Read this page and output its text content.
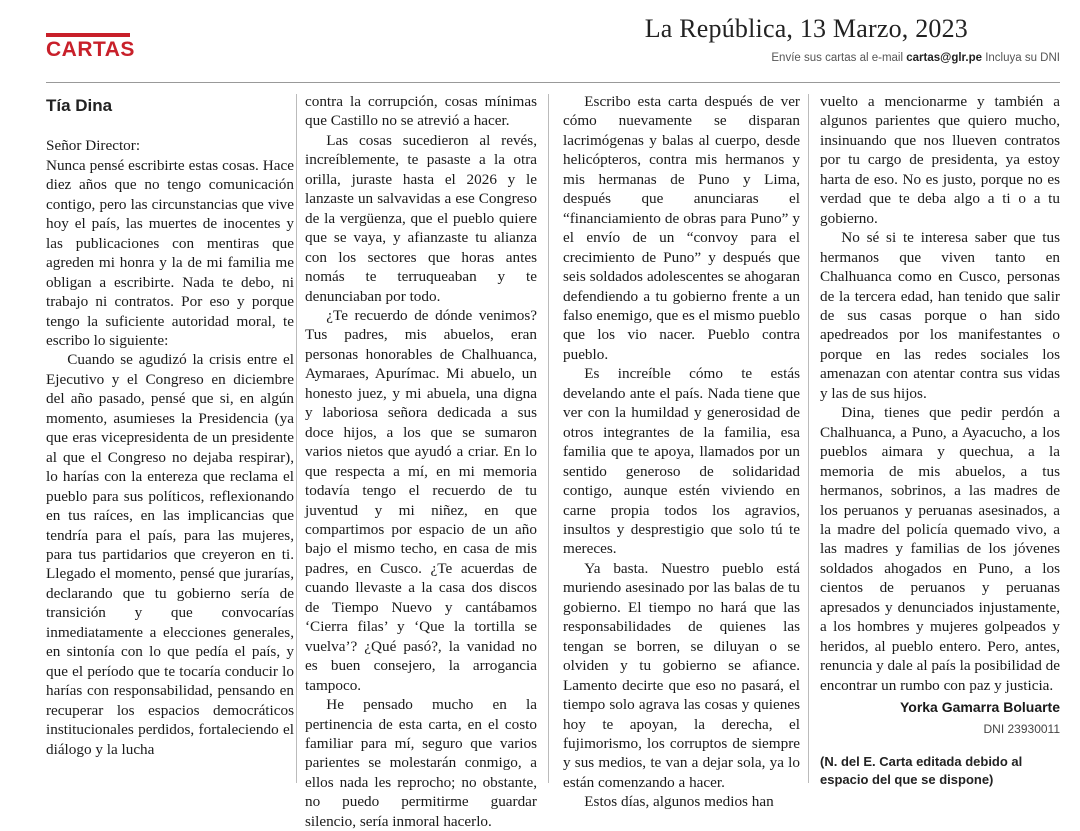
CARTAS
La República, 13 Marzo, 2023
Envíe sus cartas al e-mail cartas@glr.pe Incluya su DNI

Tía Dina

Señor Director:

Nunca pensé escribirte estas cosas. Hace diez años que no tengo comunicación contigo, pero las circunstancias que vive hoy el país, las muertes de inocentes y las publicaciones con mentiras que agreden mi honra y la de mi familia me obligan a escribirte. Nada te debo, ni trabajo ni contratos. Por eso y porque tengo la suficiente autoridad moral, te escribo lo siguiente:

Cuando se agudizó la crisis entre el Ejecutivo y el Congreso en diciembre del año pasado, pensé que si, en algún momento, asumieses la Presidencia (ya que eras vicepresidenta de un presidente al que el Congreso no dejaba respirar), lo harías con la entereza que reclama el pueblo para sus políticos, reflexionando en tus raíces, en las implicancias que tendría para el país, para las mujeres, para tus partidarios que creyeron en ti. Llegado el momento, pensé que jurarías, declarando que tu gobierno sería de transición y que convocarías inmediatamente a elecciones generales, en sintonía con lo que pedía el país, y que el período que te tocaría conducir lo harías con responsabilidad, pensando en recuperar los espacios democráticos institucionales perdidos, fortaleciendo el diálogo y la lucha

contra la corrupción, cosas mínimas que Castillo no se atrevió a hacer.

Las cosas sucedieron al revés, increíblemente, te pasaste a la otra orilla, juraste hasta el 2026 y le lanzaste un salvavidas a ese Congreso de la vergüenza, que el pueblo quiere que se vaya, y afianzaste tu alianza con los sectores que horas antes nomás te terruqueaban y te denunciaban por todo.

¿Te recuerdo de dónde venimos? Tus padres, mis abuelos, eran personas honorables de Chalhuanca, Aymaraes, Apurímac. Mi abuelo, un honesto juez, y mi abuela, una digna y laboriosa señora dedicada a sus doce hijos, a los que se sumaron varios nietos que ayudó a criar. En lo que respecta a mí, en mi memoria todavía tengo el recuerdo de tu juventud y mi niñez, en que compartimos por espacio de un año bajo el mismo techo, en casa de mis padres, en Cusco. ¿Te acuerdas de cuando llevaste a la casa dos discos de Tiempo Nuevo y cantábamos ‘Cierra filas’ y ‘Que la tortilla se vuelva’? ¿Qué pasó?, la vanidad no es buen consejero, la arrogancia tampoco.

He pensado mucho en la pertinencia de esta carta, en el costo familiar para mí, seguro que varios parientes se molestarán conmigo, a ellos nada les reprocho; no obstante, no puedo permitirme guardar silencio, sería inmoral hacerlo.

Escribo esta carta después de ver cómo nuevamente se disparan lacrimógenas y balas al cuerpo, desde helicópteros, contra mis hermanos y mis hermanas de Puno y Lima, después que anunciaras el “financiamiento de obras para Puno” y el envío de un “convoy para el crecimiento de Puno” y después que seis soldados adolescentes se ahogaran defendiendo a tu gobierno frente a un falso enemigo, que es el mismo pueblo que los vio nacer. Pueblo contra pueblo.

Es increíble cómo te estás develando ante el país. Nada tiene que ver con la humildad y generosidad de otros integrantes de la familia, esa familia que te apoya, llamados por un sentido generoso de solidaridad contigo, aunque estén viviendo en carne propia todos los agravios, insultos y desprestigio que solo tú te mereces.

Ya basta. Nuestro pueblo está muriendo asesinado por las balas de tu gobierno. El tiempo no hará que las responsabilidades de quienes las tengan se borren, se diluyan o se olviden y tu gobierno se afiance. Lamento decirte que eso no pasará, el tiempo solo agrava las cosas y quienes hoy te apoyan, la derecha, el fujimorismo, los corruptos de siempre y sus medios, te van a dejar sola, ya lo están comenzando a hacer.

Estos días, algunos medios han

vuelto a mencionarme y también a algunos parientes que quiero mucho, insinuando que nos llueven contratos por tu cargo de presidenta, ya estoy harta de eso. No es justo, porque no es verdad que te deba algo a ti o a tu gobierno.

No sé si te interesa saber que tus hermanos que viven tanto en Chalhuanca como en Cusco, personas de la tercera edad, han tenido que salir de sus casas porque o han sido apedreados por los manifestantes o porque en las redes sociales los amenazan con atentar contra sus vidas y las de sus hijos.

Dina, tienes que pedir perdón a Chalhuanca, a Puno, a Ayacucho, a los pueblos aimara y quechua, a la memoria de mis abuelos, a tus hermanos, sobrinos, a las madres de los peruanos y peruanas asesinados, a la madre del policía quemado vivo, a las madres y familias de los jóvenes soldados ahogados en Puno, a los cientos de peruanos y peruanas apresados y denunciados injustamente, a los hombres y mujeres golpeados y heridos, al pueblo entero. Pero, antes, renuncia y dale al país la posibilidad de encontrar un rumbo con paz y justicia.

Yorka Gamarra Boluarte

DNI 23930011

(N. del E. Carta editada debido al espacio del que se dispone)
